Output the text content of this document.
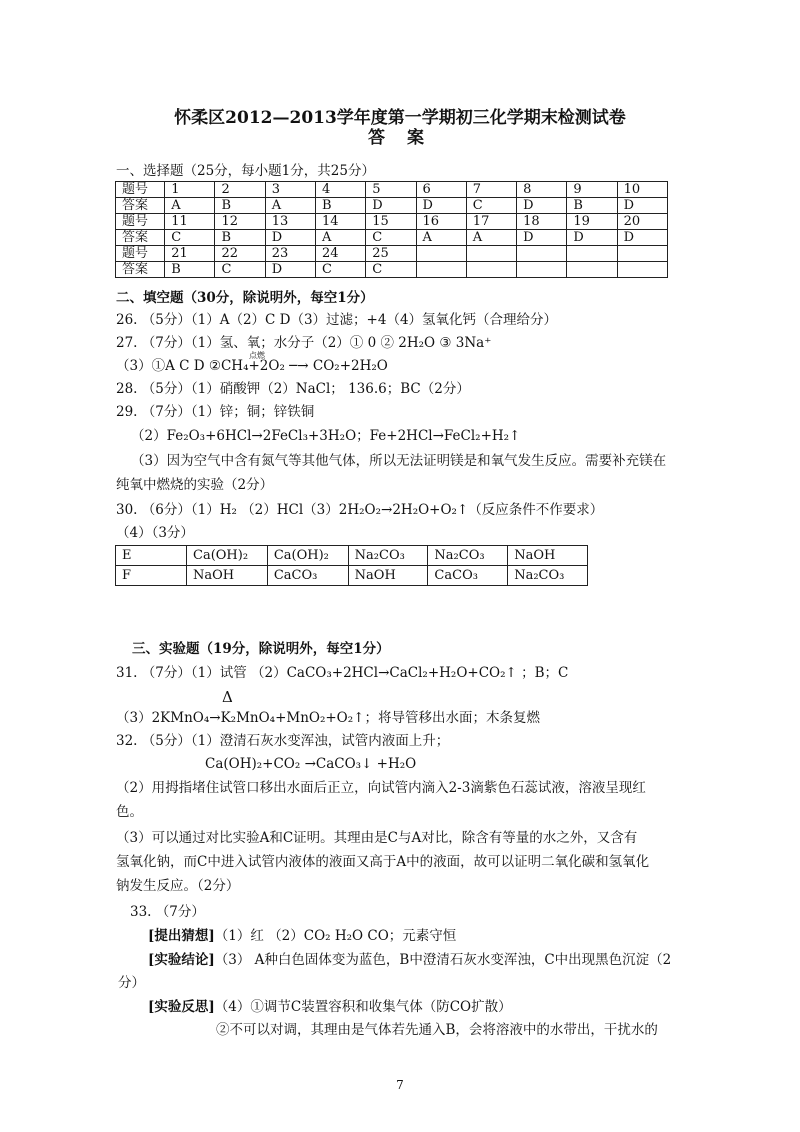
怀柔区2012—2013学年度第一学期初三化学期末检测试卷
答 案
一、选择题（25分，每小题1分，共25分）
题号	1	2	3	4	5	6	7	8	9	10
答案	A	B	A	B	D	D	C	D	B	D
题号	11	12	13	14	15	16	17	18	19	20
答案	C	B	D	A	C	A	A	D	D	D
题号	21	22	23	24	25					
答案	B	C	D	C	C					
二、填空题（30分，除说明外，每空1分）
26. （5分）（1）A（2）C D（3）过滤；+4（4）氢氧化钙（合理给分）
27. （7分）（1）氢、氧；水分子（2）① 0 ② 2H₂O ③ 3Na⁺
（3）①A C D ②CH₄+2O₂ ─→ CO₂+2H₂O
点燃
28. （5分）（1）硝酸钾（2）NaCl； 136.6；BC（2分）
29. （7分）（1）锌；铜；锌铁铜
（2）Fe₂O₃+6HCl→2FeCl₃+3H₂O；Fe+2HCl→FeCl₂+H₂↑
（3）因为空气中含有氮气等其他气体，所以无法证明镁是和氧气发生反应。需要补充镁在
纯氧中燃烧的实验（2分）
30. （6分）（1）H₂ （2）HCl（3）2H₂O₂→2H₂O+O₂↑（反应条件不作要求）
（4）（3分）
E	Ca(OH)₂	Ca(OH)₂	Na₂CO₃	Na₂CO₃	NaOH
F	NaOH	CaCO₃	NaOH	CaCO₃	Na₂CO₃
三、实验题（19分，除说明外，每空1分）
31. （7分）（1）试管 （2）CaCO₃+2HCl→CaCl₂+H₂O+CO₂↑ ；B；C
Δ
（3）2KMnO₄→K₂MnO₄+MnO₂+O₂↑；将导管移出水面；木条复燃
32. （5分）（1）澄清石灰水变浑浊，试管内液面上升；
Ca(OH)₂+CO₂ →CaCO₃↓ +H₂O
（2）用拇指堵住试管口移出水面后正立，向试管内滴入2-3滴紫色石蕊试液，溶液呈现红
色。
（3）可以通过对比实验A和C证明。其理由是C与A对比，除含有等量的水之外，又含有
氢氧化钠，而C中进入试管内液体的液面又高于A中的液面，故可以证明二氧化碳和氢氧化
钠发生反应。（2分）
33. （7分）
[提出猜想]（1）红 （2）CO₂ H₂O CO；元素守恒
[实验结论]（3） A种白色固体变为蓝色，B中澄清石灰水变浑浊，C中出现黑色沉淀（2
分）
[实验反思]（4）①调节C装置容积和收集气体（防CO扩散）
②不可以对调，其理由是气体若先通入B，会将溶液中的水带出，干扰水的
7
